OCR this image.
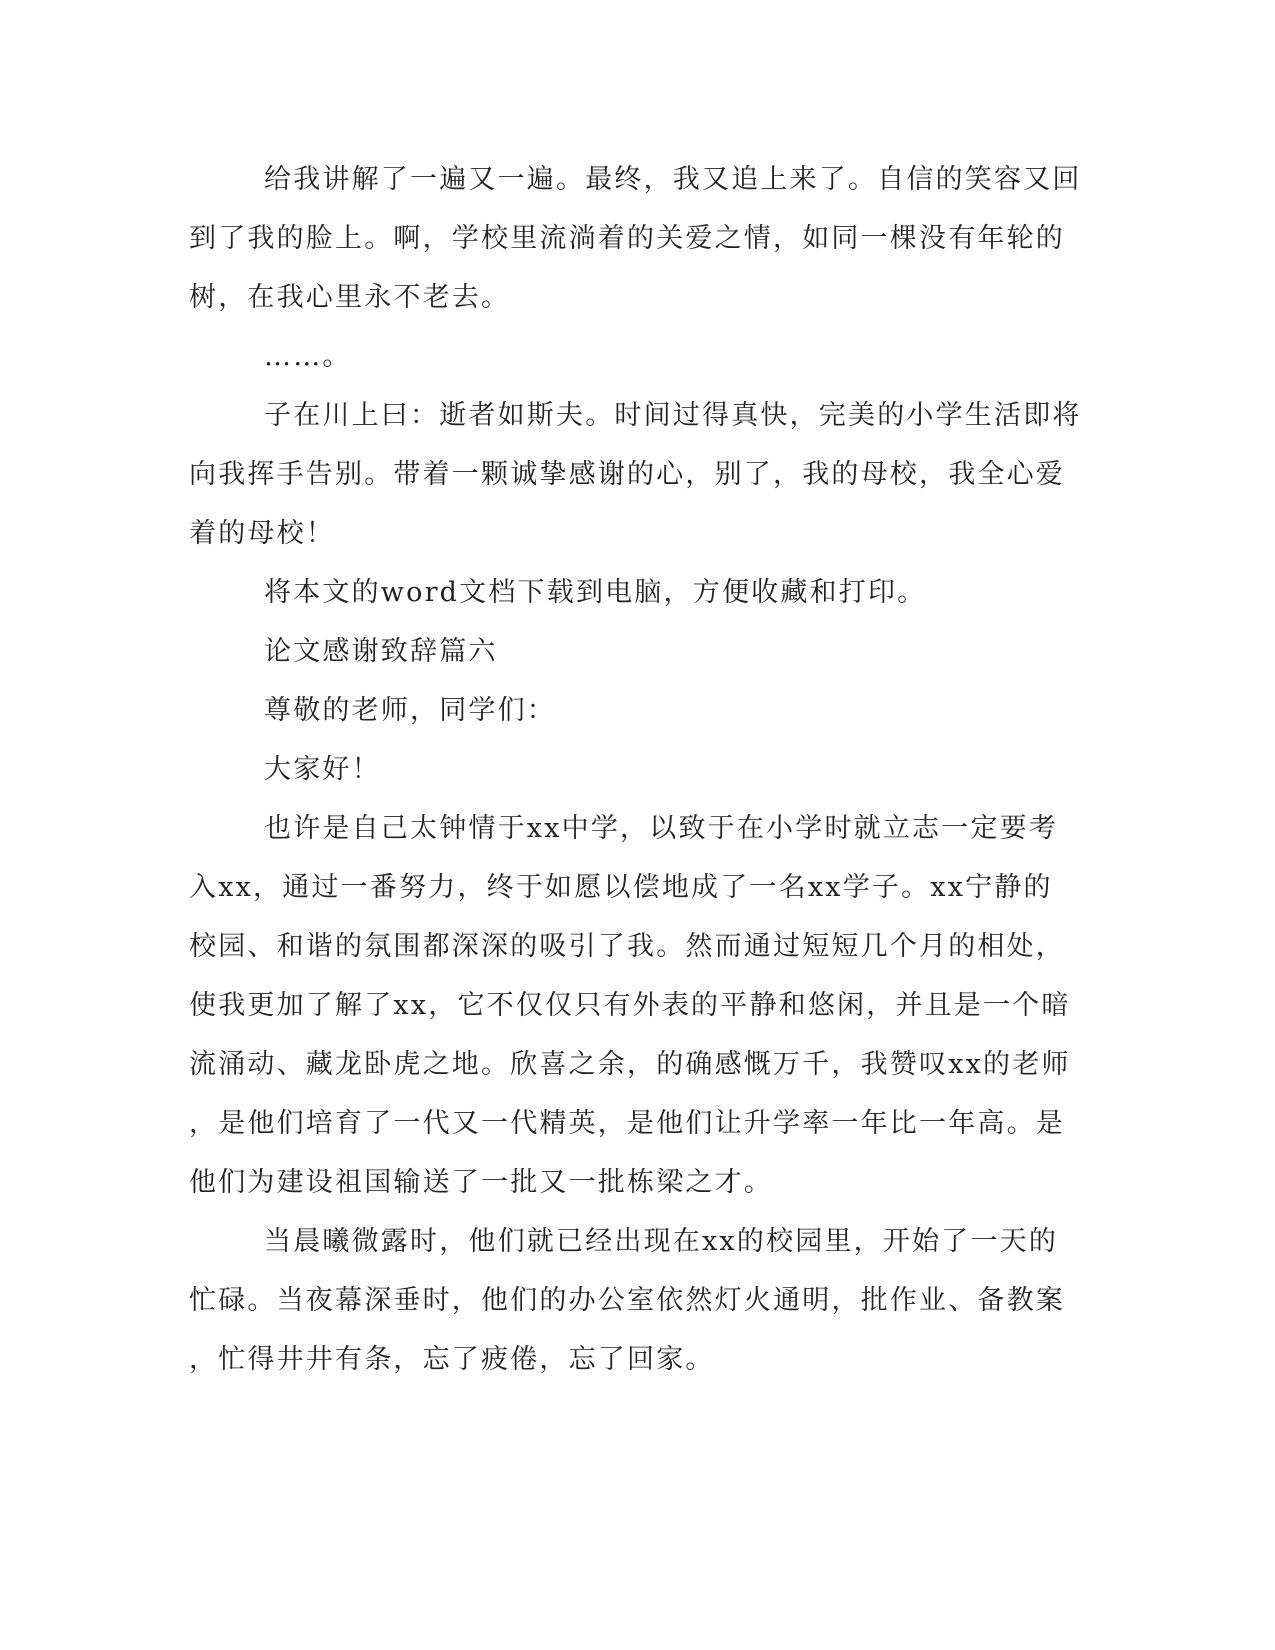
给我讲解了一遍又一遍。最终，我又追上来了。自信的笑容又回
到了我的脸上。啊，学校里流淌着的关爱之情，如同一棵没有年轮的
树，在我心里永不老去。
……。
子在川上曰：逝者如斯夫。时间过得真快，完美的小学生活即将
向我挥手告别。带着一颗诚挚感谢的心，别了，我的母校，我全心爱
着的母校！
将本文的word文档下载到电脑，方便收藏和打印。
论文感谢致辞篇六
尊敬的老师，同学们：
大家好！
也许是自己太钟情于xx中学，以致于在小学时就立志一定要考
入xx，通过一番努力，终于如愿以偿地成了一名xx学子。xx宁静的
校园、和谐的氛围都深深的吸引了我。然而通过短短几个月的相处，
使我更加了解了xx，它不仅仅只有外表的平静和悠闲，并且是一个暗
流涌动、藏龙卧虎之地。欣喜之余，的确感慨万千，我赞叹xx的老师
，是他们培育了一代又一代精英，是他们让升学率一年比一年高。是
他们为建设祖国输送了一批又一批栋梁之才。
当晨曦微露时，他们就已经出现在xx的校园里，开始了一天的
忙碌。当夜幕深垂时，他们的办公室依然灯火通明，批作业、备教案
，忙得井井有条，忘了疲倦，忘了回家。
